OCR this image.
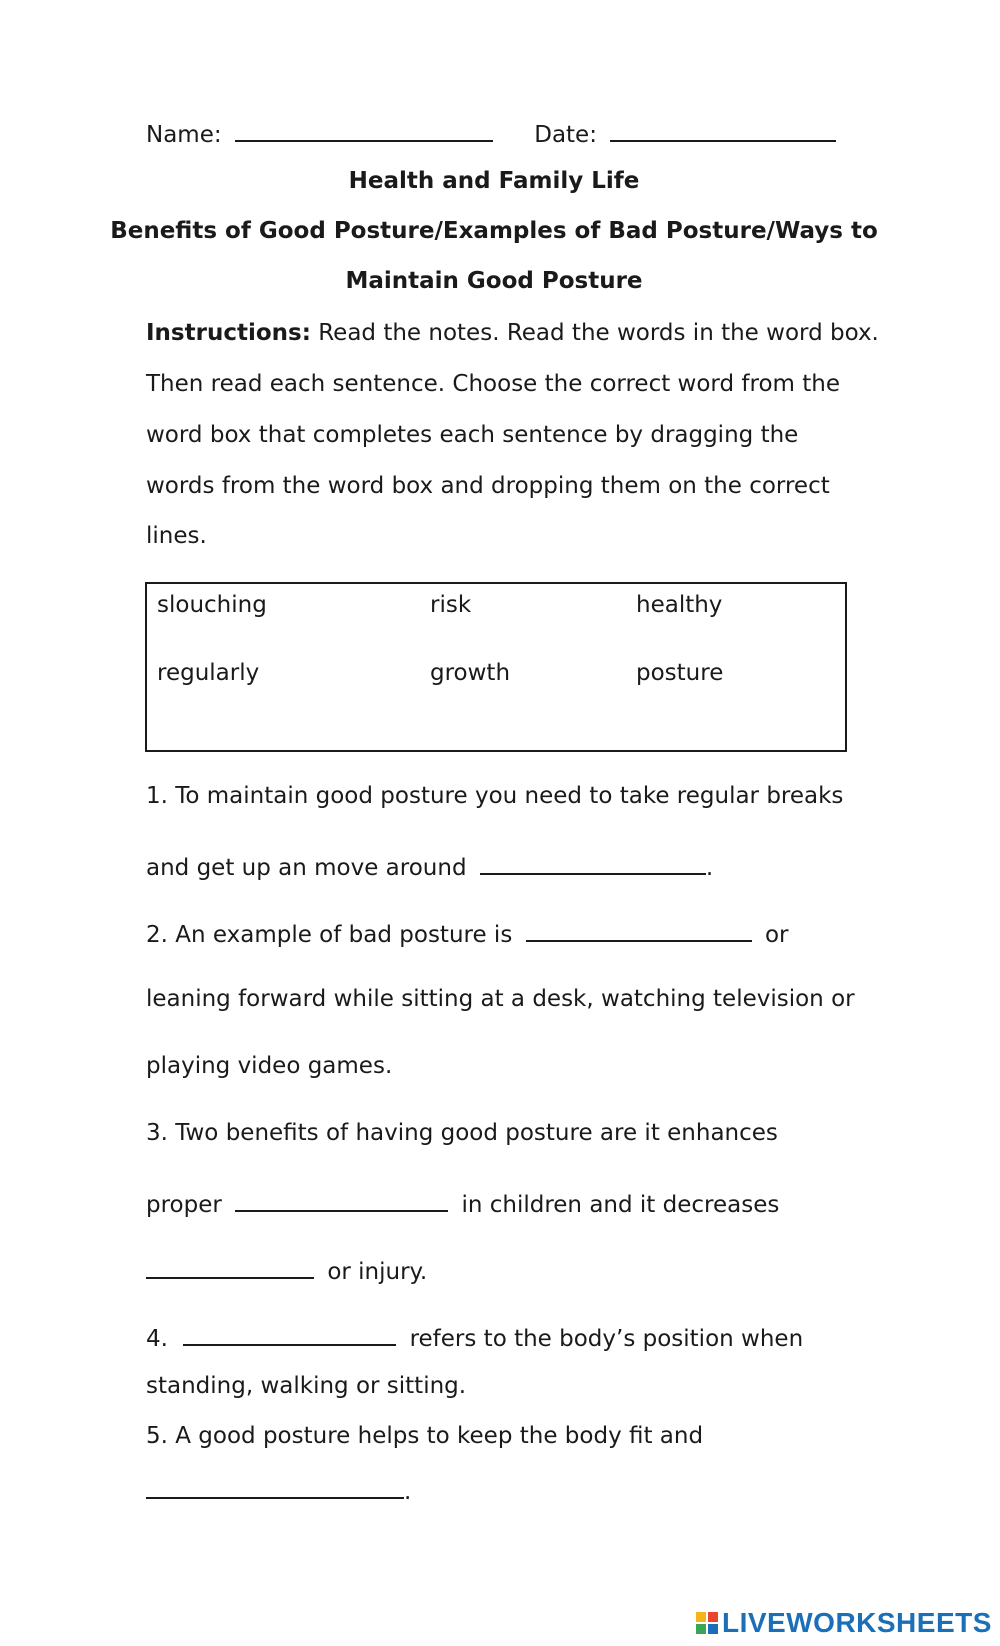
Name:	Date:
Health and Family Life
Benefits of Good Posture/Examples of Bad Posture/Ways to
Maintain Good Posture
Instructions: Read the notes. Read the words in the word box.
Then read each sentence. Choose the correct word from the
word box that completes each sentence by dragging the
words from the word box and dropping them on the correct
lines.
slouching	risk	healthy
regularly	growth	posture
1. To maintain good posture you need to take regular breaks
and get up an move around	.
2. An example of bad posture is	or
leaning forward while sitting at a desk, watching television or
playing video games.
3. Two benefits of having good posture are it enhances
proper	in children and it decreases
or injury.
4.	refers to the body’s position when
standing, walking or sitting.
5. A good posture helps to keep the body fit and
.
LIVEWORKSHEETS
